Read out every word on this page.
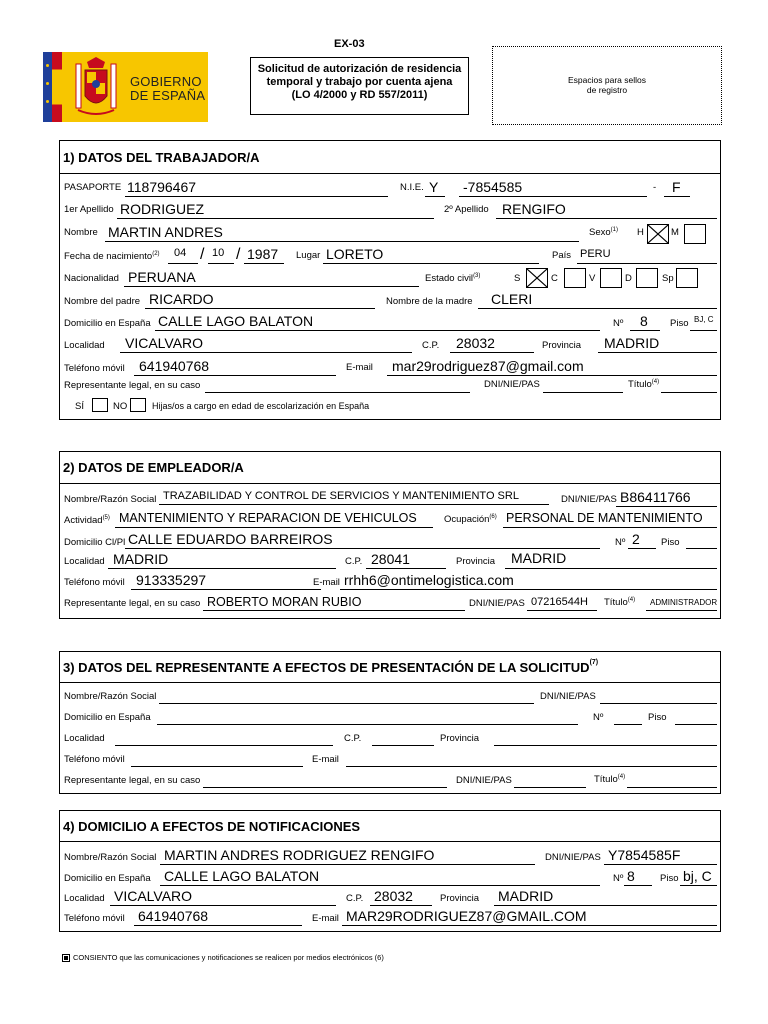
EX-03
GOBIERNO
DE ESPAÑA
Solicitud de autorización de residencia
temporal y trabajo por cuenta ajena
(LO 4/2000 y RD 557/2011)
Espacios para sellos
de registro
1) DATOS DEL TRABAJADOR/A
PASAPORTE 118796467	N.I.E. Y -7854585	- F
1er Apellido RODRIGUEZ	2º Apellido RENGIFO
Nombre MARTIN ANDRES	Sexo$^{(1)}$ H	M
Fecha de nacimiento$^{(2)}$ 04 / 10 / 1987 Lugar LORETO	País PERU
Nacionalidad PERUANA	Estado civil$^{(3)}$	S	C	V	D	Sp
Nombre del padre RICARDO	Nombre de la madre CLERI
Domicilio en España CALLE LAGO BALATON	Nº 8 Piso BJ, C
Localidad VICALVARO	C.P. 28032	Provincia MADRID
Teléfono móvil 641940768	E-mail mar29rodriguez87@gmail.com
Representante legal, en su caso	DNI/NIE/PAS	Título$^{(4)}$
SÍ	NO	Hijas/os a cargo en edad de escolarización en España
2) DATOS DE EMPLEADOR/A
Nombre/Razón Social TRAZABILIDAD Y CONTROL DE SERVICIOS Y MANTENIMIENTO SRL	DNI/NIE/PAS B86411766
Actividad$^{(5)}$ MANTENIMIENTO Y REPARACION DE VEHICULOS	Ocupación$^{(6)}$ PERSONAL DE MANTENIMIENTO
Domicilio Cl/Pl CALLE EDUARDO BARREIROS	Nº 2 Piso
Localidad MADRID	C.P. 28041	Provincia MADRID
Teléfono móvil 913335297	E-mail rrhh6@ontimelogistica.com
Representante legal, en su caso ROBERTO MORAN RUBIO	DNI/NIE/PAS 07216544H Título$^{(4)}$ ADMINISTRADOR
3) DATOS DEL REPRESENTANTE A EFECTOS DE PRESENTACIÓN DE LA SOLICITUD$^{(7)}$
Nombre/Razón Social	DNI/NIE/PAS
Domicilio en España	Nº	Piso
Localidad	C.P.	Provincia
Teléfono móvil	E-mail
Representante legal, en su caso	DNI/NIE/PAS	Título$^{(4)}$
4) DOMICILIO A EFECTOS DE NOTIFICACIONES
Nombre/Razón Social MARTIN ANDRES RODRIGUEZ RENGIFO	DNI/NIE/PAS Y7854585F
Domicilio en España CALLE LAGO BALATON	Nº 8	Piso bj, C
Localidad VICALVARO	C.P. 28032	Provincia MADRID
Teléfono móvil 641940768	E-mail MAR29RODRIGUEZ87@GMAIL.COM
CONSIENTO que las comunicaciones y notificaciones se realicen por medios electrónicos (6)
